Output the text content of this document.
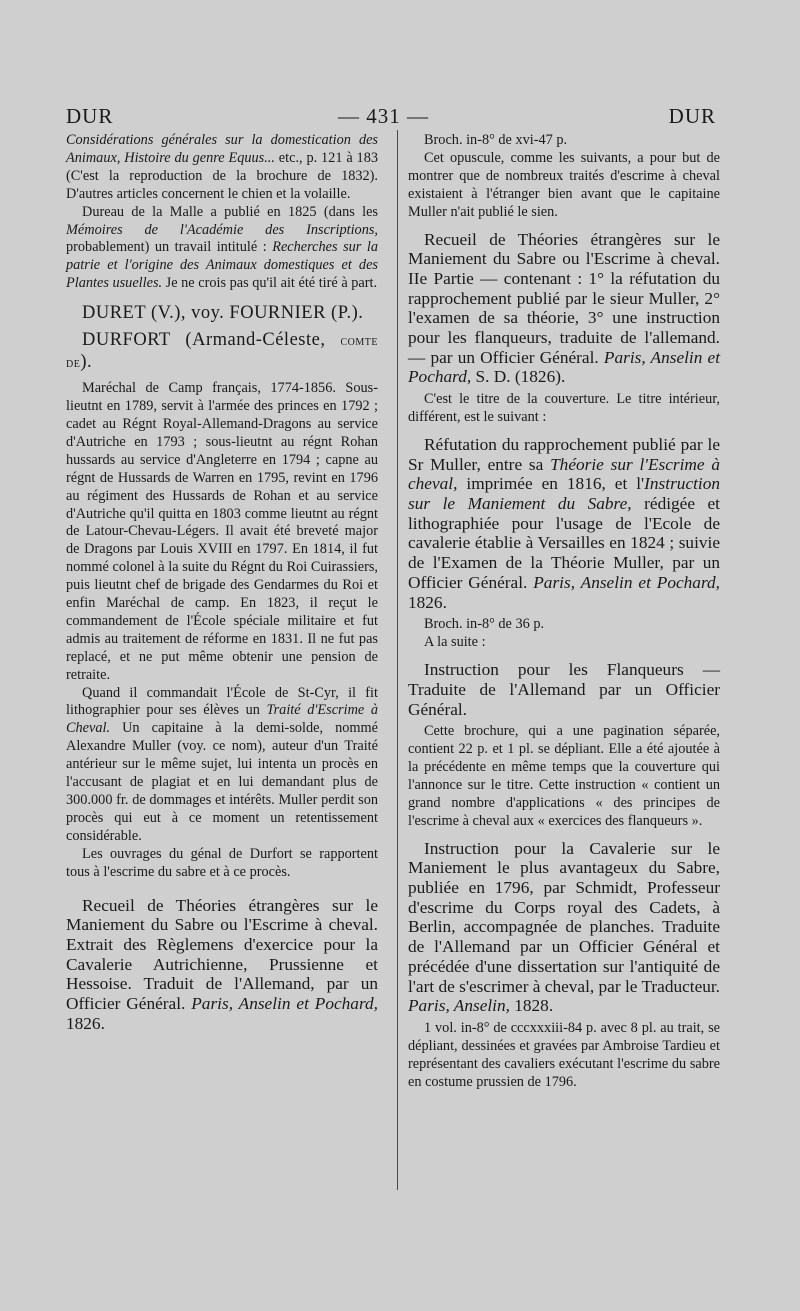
DUR	— 431 —	DUR

Considérations générales sur la domestication des Animaux, Histoire du genre Equus... etc., p. 121 à 183 (C'est la reproduction de la brochure de 1832). D'autres articles concernent le chien et la volaille.

Dureau de la Malle a publié en 1825 (dans les Mémoires de l'Académie des Inscriptions, probablement) un travail intitulé : Recherches sur la patrie et l'origine des Animaux domestiques et des Plantes usuelles. Je ne crois pas qu'il ait été tiré à part.

DURET (V.), voy. FOURNIER (P.).
DURFORT (Armand-Céleste, comte de).

Maréchal de Camp français, 1774-1856. Sous-lieutnt en 1789, servit à l'armée des princes en 1792 ; cadet au Régnt Royal-Allemand-Dragons au service d'Autriche en 1793 ; sous-lieutnt au régnt Rohan hussards au service d'Angleterre en 1794 ; capne au régnt de Hussards de Warren en 1795, revint en 1796 au régiment des Hussards de Rohan et au service d'Autriche qu'il quitta en 1803 comme lieutnt au régnt de Latour-Chevau-Légers. Il avait été breveté major de Dragons par Louis XVIII en 1797. En 1814, il fut nommé colonel à la suite du Régnt du Roi Cuirassiers, puis lieutnt chef de brigade des Gendarmes du Roi et enfin Maréchal de camp. En 1823, il reçut le commandement de l'École spéciale militaire et fut admis au traitement de réforme en 1831. Il ne fut pas replacé, et ne put même obtenir une pension de retraite.

Quand il commandait l'École de St-Cyr, il fit lithographier pour ses élèves un Traité d'Escrime à Cheval. Un capitaine à la demi-solde, nommé Alexandre Muller (voy. ce nom), auteur d'un Traité antérieur sur le même sujet, lui intenta un procès en l'accusant de plagiat et en lui demandant plus de 300.000 fr. de dommages et intérêts. Muller perdit son procès qui eut à ce moment un retentissement considérable.

Les ouvrages du génal de Durfort se rapportent tous à l'escrime du sabre et à ce procès.

Recueil de Théories étrangères sur le Maniement du Sabre ou l'Escrime à cheval. Extrait des Règlemens d'exercice pour la Cavalerie Autrichienne, Prussienne et Hessoise. Traduit de l'Allemand, par un Officier Général. Paris, Anselin et Pochard, 1826.

Broch. in-8° de xvi-47 p.

Cet opuscule, comme les suivants, a pour but de montrer que de nombreux traités d'escrime à cheval existaient à l'étranger bien avant que le capitaine Muller n'ait publié le sien.

Recueil de Théories étrangères sur le Maniement du Sabre ou l'Escrime à cheval. IIe Partie — contenant : 1° la réfutation du rapprochement publié par le sieur Muller, 2° l'examen de sa théorie, 3° une instruction pour les flanqueurs, traduite de l'allemand. — par un Officier Général. Paris, Anselin et Pochard, S. D. (1826).

C'est le titre de la couverture. Le titre intérieur, différent, est le suivant :

Réfutation du rapprochement publié par le Sr Muller, entre sa Théorie sur l'Escrime à cheval, imprimée en 1816, et l'Instruction sur le Maniement du Sabre, rédigée et lithographiée pour l'usage de l'Ecole de cavalerie établie à Versailles en 1824 ; suivie de l'Examen de la Théorie Muller, par un Officier Général. Paris, Anselin et Pochard, 1826.

Broch. in-8° de 36 p.

A la suite :

Instruction pour les Flanqueurs — Traduite de l'Allemand par un Officier Général.

Cette brochure, qui a une pagination séparée, contient 22 p. et 1 pl. se dépliant. Elle a été ajoutée à la précédente en même temps que la couverture qui l'annonce sur le titre. Cette instruction « contient un grand nombre d'applications « des principes de l'escrime à cheval aux « exercices des flanqueurs ».

Instruction pour la Cavalerie sur le Maniement le plus avantageux du Sabre, publiée en 1796, par Schmidt, Professeur d'escrime du Corps royal des Cadets, à Berlin, accompagnée de planches. Traduite de l'Allemand par un Officier Général et précédée d'une dissertation sur l'antiquité de l'art de s'escrimer à cheval, par le Traducteur. Paris, Anselin, 1828.

1 vol. in-8° de cccxxxiii-84 p. avec 8 pl. au trait, se dépliant, dessinées et gravées par Ambroise Tardieu et représentant des cavaliers exécutant l'escrime du sabre en costume prussien de 1796.
